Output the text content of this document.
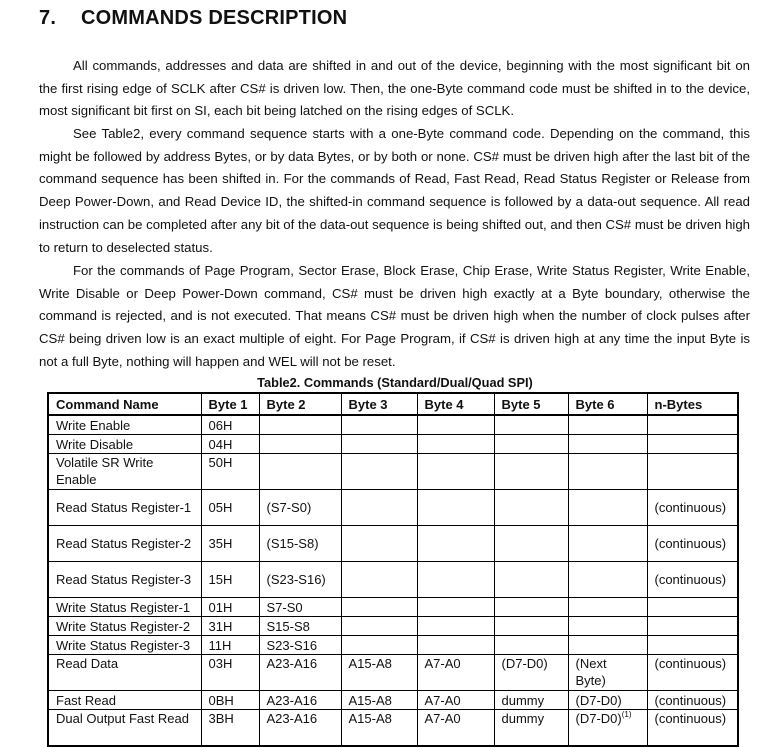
7. COMMANDS DESCRIPTION

All commands, addresses and data are shifted in and out of the device, beginning with the most significant bit on the first rising edge of SCLK after CS# is driven low. Then, the one-Byte command code must be shifted in to the device, most significant bit first on SI, each bit being latched on the rising edges of SCLK.

See Table2, every command sequence starts with a one-Byte command code. Depending on the command, this might be followed by address Bytes, or by data Bytes, or by both or none. CS# must be driven high after the last bit of the command sequence has been shifted in. For the commands of Read, Fast Read, Read Status Register or Release from Deep Power-Down, and Read Device ID, the shifted-in command sequence is followed by a data-out sequence. All read instruction can be completed after any bit of the data-out sequence is being shifted out, and then CS# must be driven high to return to deselected status.

For the commands of Page Program, Sector Erase, Block Erase, Chip Erase, Write Status Register, Write Enable, Write Disable or Deep Power-Down command, CS# must be driven high exactly at a Byte boundary, otherwise the command is rejected, and is not executed. That means CS# must be driven high when the number of clock pulses after CS# being driven low is an exact multiple of eight. For Page Program, if CS# is driven high at any time the input Byte is not a full Byte, nothing will happen and WEL will not be reset.

Table2. Commands (Standard/Dual/Quad SPI)
Command Name	Byte 1	Byte 2	Byte 3	Byte 4	Byte 5	Byte 6	n-Bytes
Write Enable	06H						
Write Disable	04H						
Volatile SR Write Enable	50H						
Read Status Register-1	05H	(S7-S0)					(continuous)
Read Status Register-2	35H	(S15-S8)					(continuous)
Read Status Register-3	15H	(S23-S16)					(continuous)
Write Status Register-1	01H	S7-S0					
Write Status Register-2	31H	S15-S8					
Write Status Register-3	11H	S23-S16					
Read Data	03H	A23-A16	A15-A8	A7-A0	(D7-D0)	(Next Byte)	(continuous)
Fast Read	0BH	A23-A16	A15-A8	A7-A0	dummy	(D7-D0)	(continuous)
Dual Output Fast Read	3BH	A23-A16	A15-A8	A7-A0	dummy	$(D7-D0)^{(1)}$	(continuous)
